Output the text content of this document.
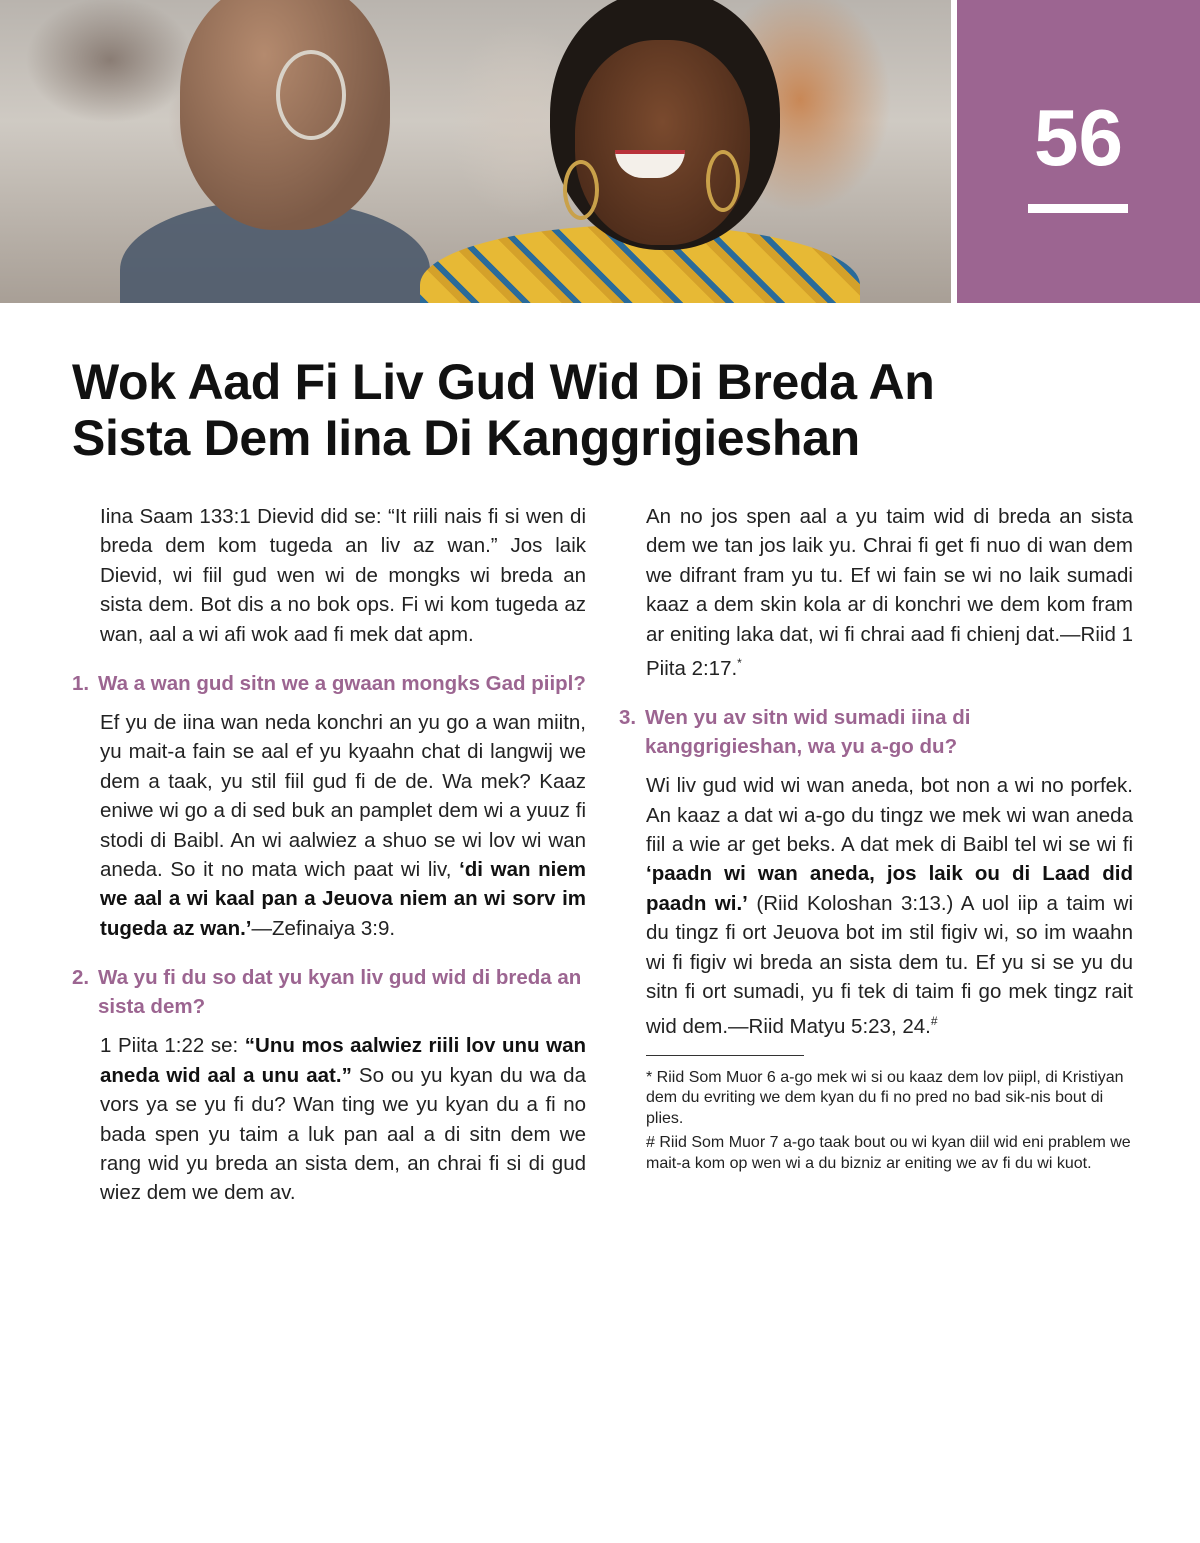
56
Wok Aad Fi Liv Gud Wid Di Breda An
Sista Dem Iina Di Kanggrigieshan

Iina Saam 133:1 Dievid did se: “It riili nais fi si wen di breda dem kom tugeda an liv az wan.” Jos laik Dievid, wi fiil gud wen wi de mongks wi breda an sista dem. Bot dis a no bok ops. Fi wi kom tugeda az wan, aal a wi afi wok aad fi mek dat apm.

1. Wa a wan gud sitn we a gwaan mongks Gad piipl?

Ef yu de iina wan neda konchri an yu go a wan miitn, yu mait-a fain se aal ef yu kyaahn chat di langwij we dem a taak, yu stil fiil gud fi de de. Wa mek? Kaaz eniwe wi go a di sed buk an pamplet dem wi a yuuz fi stodi di Baibl. An wi aalwiez a shuo se wi lov wi wan aneda. So it no mata wich paat wi liv, ‘di wan niem we aal a wi kaal pan a Jeuova niem an wi sorv im tugeda az wan.’—Zefinaiya 3:9.

2. Wa yu fi du so dat yu kyan liv gud wid di breda an sista dem?

1 Piita 1:22 se: “Unu mos aalwiez riili lov unu wan aneda wid aal a unu aat.” So ou yu kyan du wa da vors ya se yu fi du? Wan ting we yu kyan du a fi no bada spen yu taim a luk pan aal a di sitn dem we rang wid yu breda an sista dem, an chrai fi si di gud wiez dem we dem av.

An no jos spen aal a yu taim wid di breda an sista dem we tan jos laik yu. Chrai fi get fi nuo di wan dem we difrant fram yu tu. Ef wi fain se wi no laik sumadi kaaz a dem skin kola ar di konchri we dem kom fram ar eniting laka dat, wi fi chrai aad fi chienj dat.—Riid 1 Piita 2:17.*

3. Wen yu av sitn wid sumadi iina di kanggrigieshan, wa yu a-go du?

Wi liv gud wid wi wan aneda, bot non a wi no porfek. An kaaz a dat wi a-go du tingz we mek wi wan aneda fiil a wie ar get beks. A dat mek di Baibl tel wi se wi fi ‘paadn wi wan aneda, jos laik ou di Laad did paadn wi.’ (Riid Koloshan 3:13.) A uol iip a taim wi du tingz fi ort Jeuova bot im stil figiv wi, so im waahn wi fi figiv wi breda an sista dem tu. Ef yu si se yu du sitn fi ort sumadi, yu fi tek di taim fi go mek tingz rait wid dem.—Riid Matyu 5:23, 24.#

* Riid Som Muor 6 a-go mek wi si ou kaaz dem lov piipl, di Kristiyan dem du evriting we dem kyan du fi no pred no bad sik-nis bout di plies.

# Riid Som Muor 7 a-go taak bout ou wi kyan diil wid eni prablem we mait-a kom op wen wi a du bizniz ar eniting we av fi du wi kuot.
